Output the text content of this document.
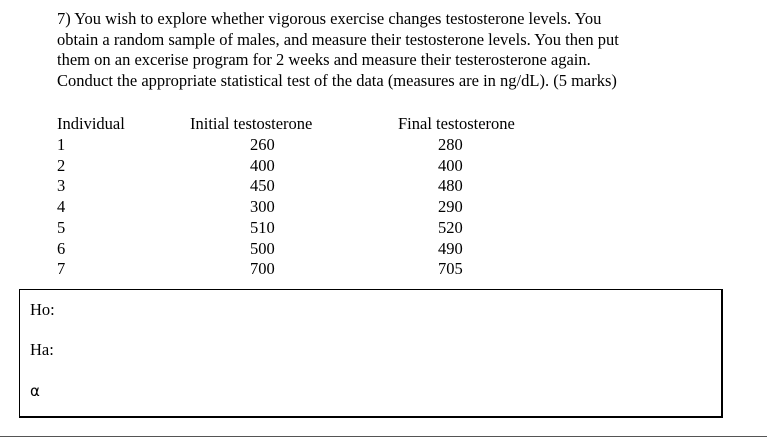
7) You wish to explore whether vigorous exercise changes testosterone levels. You
obtain a random sample of males, and measure their testosterone levels. You then put
them on an excerise program for 2 weeks and measure their testerosterone again.
Conduct the appropriate statistical test of the data (measures are in ng/dL). (5 marks)
Individual	Initial testosterone	Final testosterone
1	260	280
2	400	400
3	450	480
4	300	290
5	510	520
6	500	490
7	700	705
Ho:
Ha:
α
